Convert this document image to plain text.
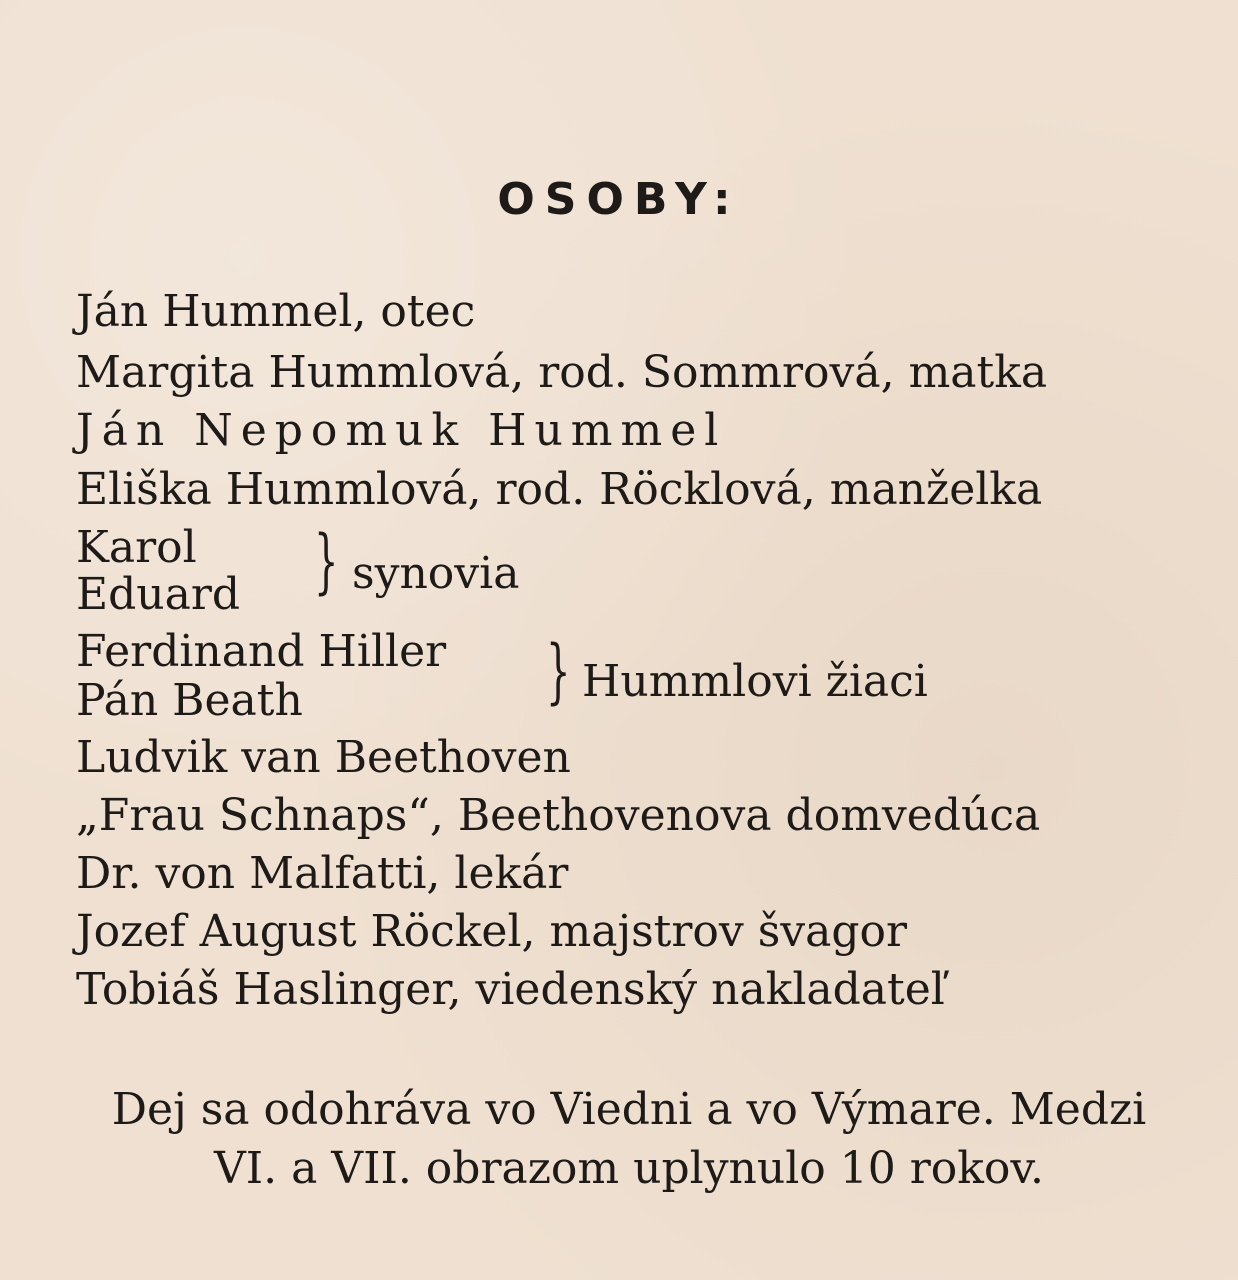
OSOBY:
Ján Hummel, otec
Margita Hummlová, rod. Sommrová, matka
Ján Nepomuk Hummel
Eliška Hummlová, rod. Röcklová, manželka
Karol
Eduard } synovia
Ferdinand Hiller
Pán Beath	} Hummlovi žiaci
Ludvik van Beethoven
„Frau Schnaps“, Beethovenova domvedúca
Dr. von Malfatti, lekár
Jozef August Röckel, majstrov švagor
Tobiáš Haslinger, viedenský nakladateľ
Dej sa odohráva vo Viedni a vo Výmare. Medzi
VI. a VII. obrazom uplynulo 10 rokov.
